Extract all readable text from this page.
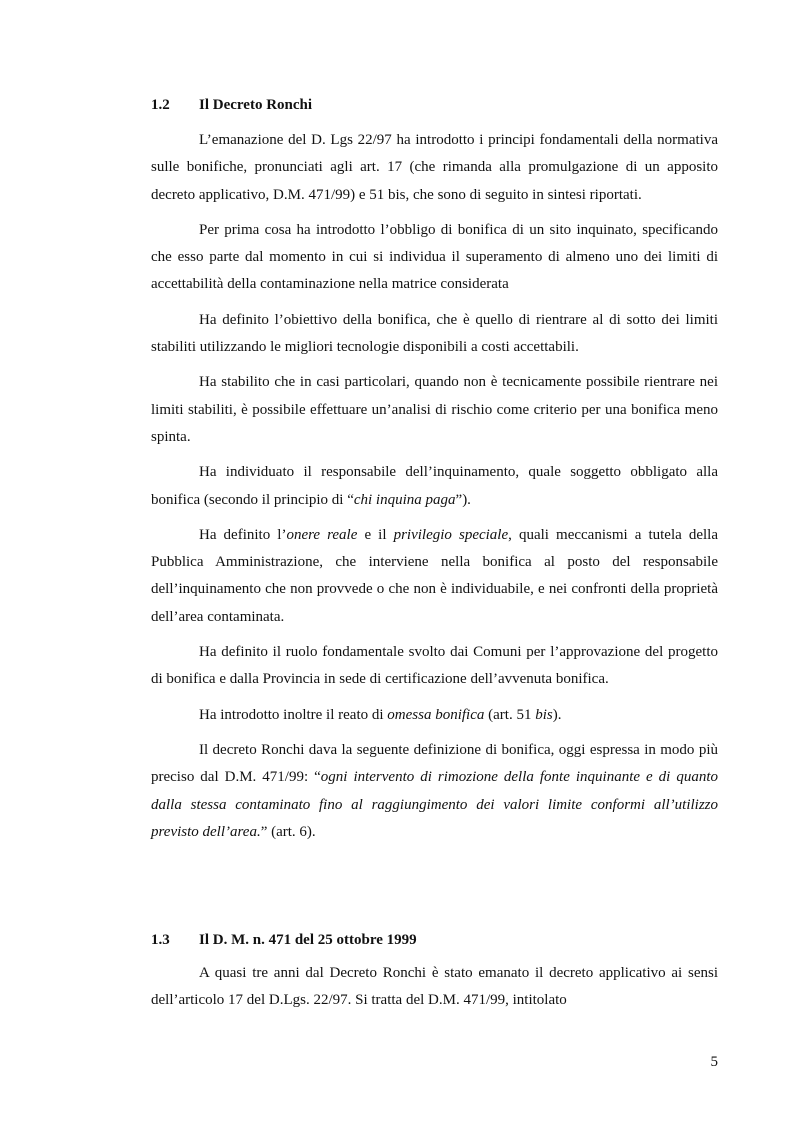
1.2 Il Decreto Ronchi

L’emanazione del D. Lgs 22/97 ha introdotto i principi fondamentali della normativa sulle bonifiche, pronunciati agli art. 17 (che rimanda alla promulgazione di un apposito decreto applicativo, D.M. 471/99) e 51 bis, che sono di seguito in sintesi riportati.

Per prima cosa ha introdotto l’obbligo di bonifica di un sito inquinato, specificando che esso parte dal momento in cui si individua il superamento di almeno uno dei limiti di accettabilità della contaminazione nella matrice considerata

Ha definito l’obiettivo della bonifica, che è quello di rientrare al di sotto dei limiti stabiliti utilizzando le migliori tecnologie disponibili a costi accettabili.

Ha stabilito che in casi particolari, quando non è tecnicamente possibile rientrare nei limiti stabiliti, è possibile effettuare un’analisi di rischio come criterio per una bonifica meno spinta.

Ha individuato il responsabile dell’inquinamento, quale soggetto obbligato alla bonifica (secondo il principio di “chi inquina paga”).

Ha definito l’onere reale e il privilegio speciale, quali meccanismi a tutela della Pubblica Amministrazione, che interviene nella bonifica al posto del responsabile dell’inquinamento che non provvede o che non è individuabile, e nei confronti della proprietà dell’area contaminata.

Ha definito il ruolo fondamentale svolto dai Comuni per l’approvazione del progetto di bonifica e dalla Provincia in sede di certificazione dell’avvenuta bonifica.

Ha introdotto inoltre il reato di omessa bonifica (art. 51 bis).

Il decreto Ronchi dava la seguente definizione di bonifica, oggi espressa in modo più preciso dal D.M. 471/99: “ogni intervento di rimozione della fonte inquinante e di quanto dalla stessa contaminato fino al raggiungimento dei valori limite conformi all’utilizzo previsto dell’area.” (art. 6).

1.3 Il D. M. n. 471 del 25 ottobre 1999

A quasi tre anni dal Decreto Ronchi è stato emanato il decreto applicativo ai sensi dell’articolo 17 del D.Lgs. 22/97. Si tratta del D.M. 471/99, intitolato

5
